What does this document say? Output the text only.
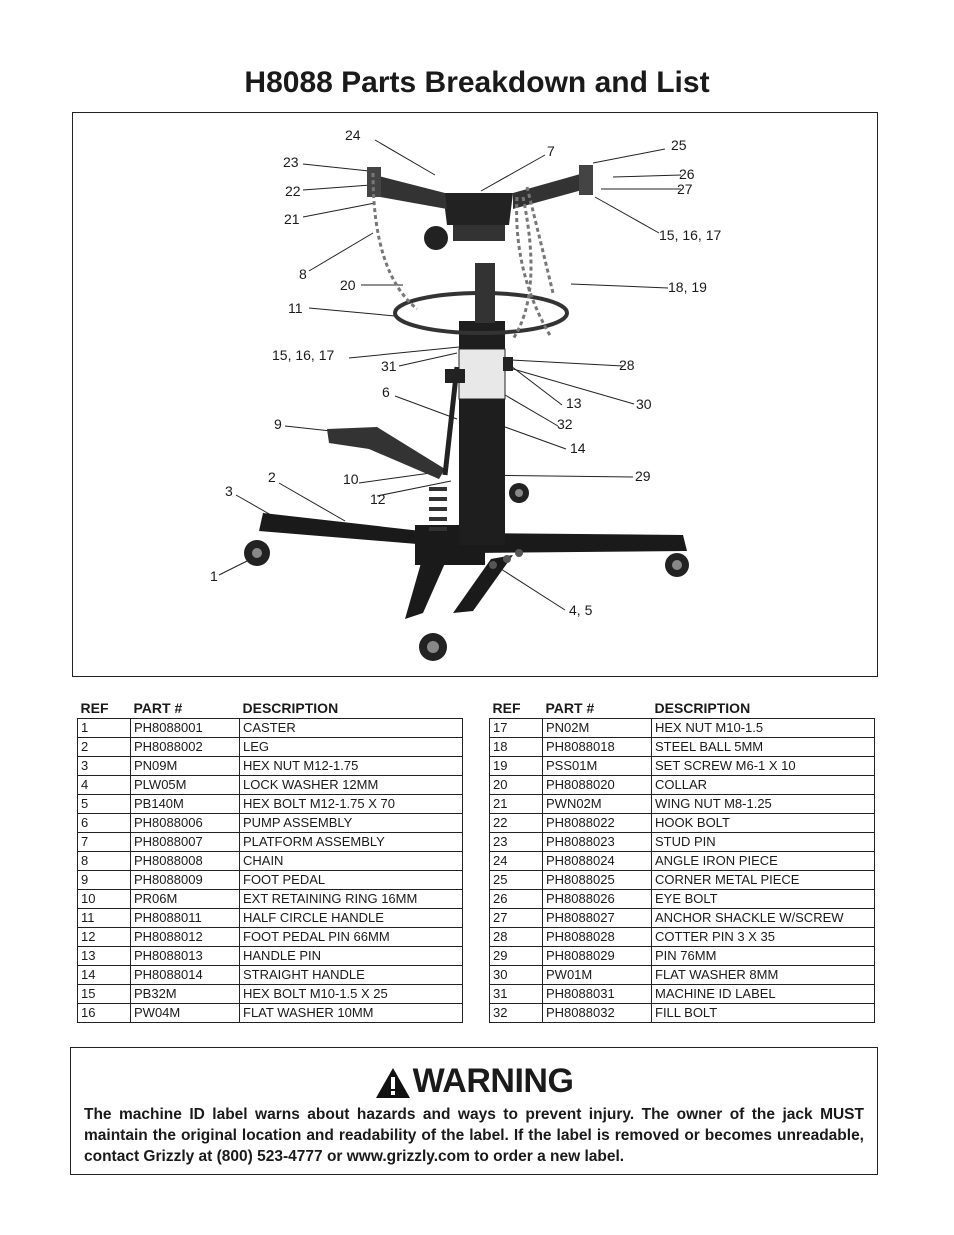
H8088 Parts Breakdown and List
24
7	25
23
26
27
22
21
15, 16, 17
8
20	18, 19
11
15, 16, 17
31	28
6
13	30
9	32
14
2	10	29
3	12
1
4, 5
REF	PART #	DESCRIPTION
1	PH8088001	CASTER
2	PH8088002	LEG
3	PN09M	HEX NUT M12-1.75
4	PLW05M	LOCK WASHER 12MM
5	PB140M	HEX BOLT M12-1.75 X 70
6	PH8088006	PUMP ASSEMBLY
7	PH8088007	PLATFORM ASSEMBLY
8	PH8088008	CHAIN
9	PH8088009	FOOT PEDAL
10	PR06M	EXT RETAINING RING 16MM
11	PH8088011	HALF CIRCLE HANDLE
12	PH8088012	FOOT PEDAL PIN 66MM
13	PH8088013	HANDLE PIN
14	PH8088014	STRAIGHT HANDLE
15	PB32M	HEX BOLT M10-1.5 X 25
16	PW04M	FLAT WASHER 10MM
REF	PART #	DESCRIPTION
17	PN02M	HEX NUT M10-1.5
18	PH8088018	STEEL BALL 5MM
19	PSS01M	SET SCREW M6-1 X 10
20	PH8088020	COLLAR
21	PWN02M	WING NUT M8-1.25
22	PH8088022	HOOK BOLT
23	PH8088023	STUD PIN
24	PH8088024	ANGLE IRON PIECE
25	PH8088025	CORNER METAL PIECE
26	PH8088026	EYE BOLT
27	PH8088027	ANCHOR SHACKLE W/SCREW
28	PH8088028	COTTER PIN 3 X 35
29	PH8088029	PIN 76MM
30	PW01M	FLAT WASHER 8MM
31	PH8088031	MACHINE ID LABEL
32	PH8088032	FILL BOLT
WARNING
The machine ID label warns about hazards and ways to prevent injury. The owner of the jack MUST maintain the original location and readability of the label. If the label is removed or becomes unreadable, contact Grizzly at (800) 523-4777 or www.grizzly.com to order a new label.
